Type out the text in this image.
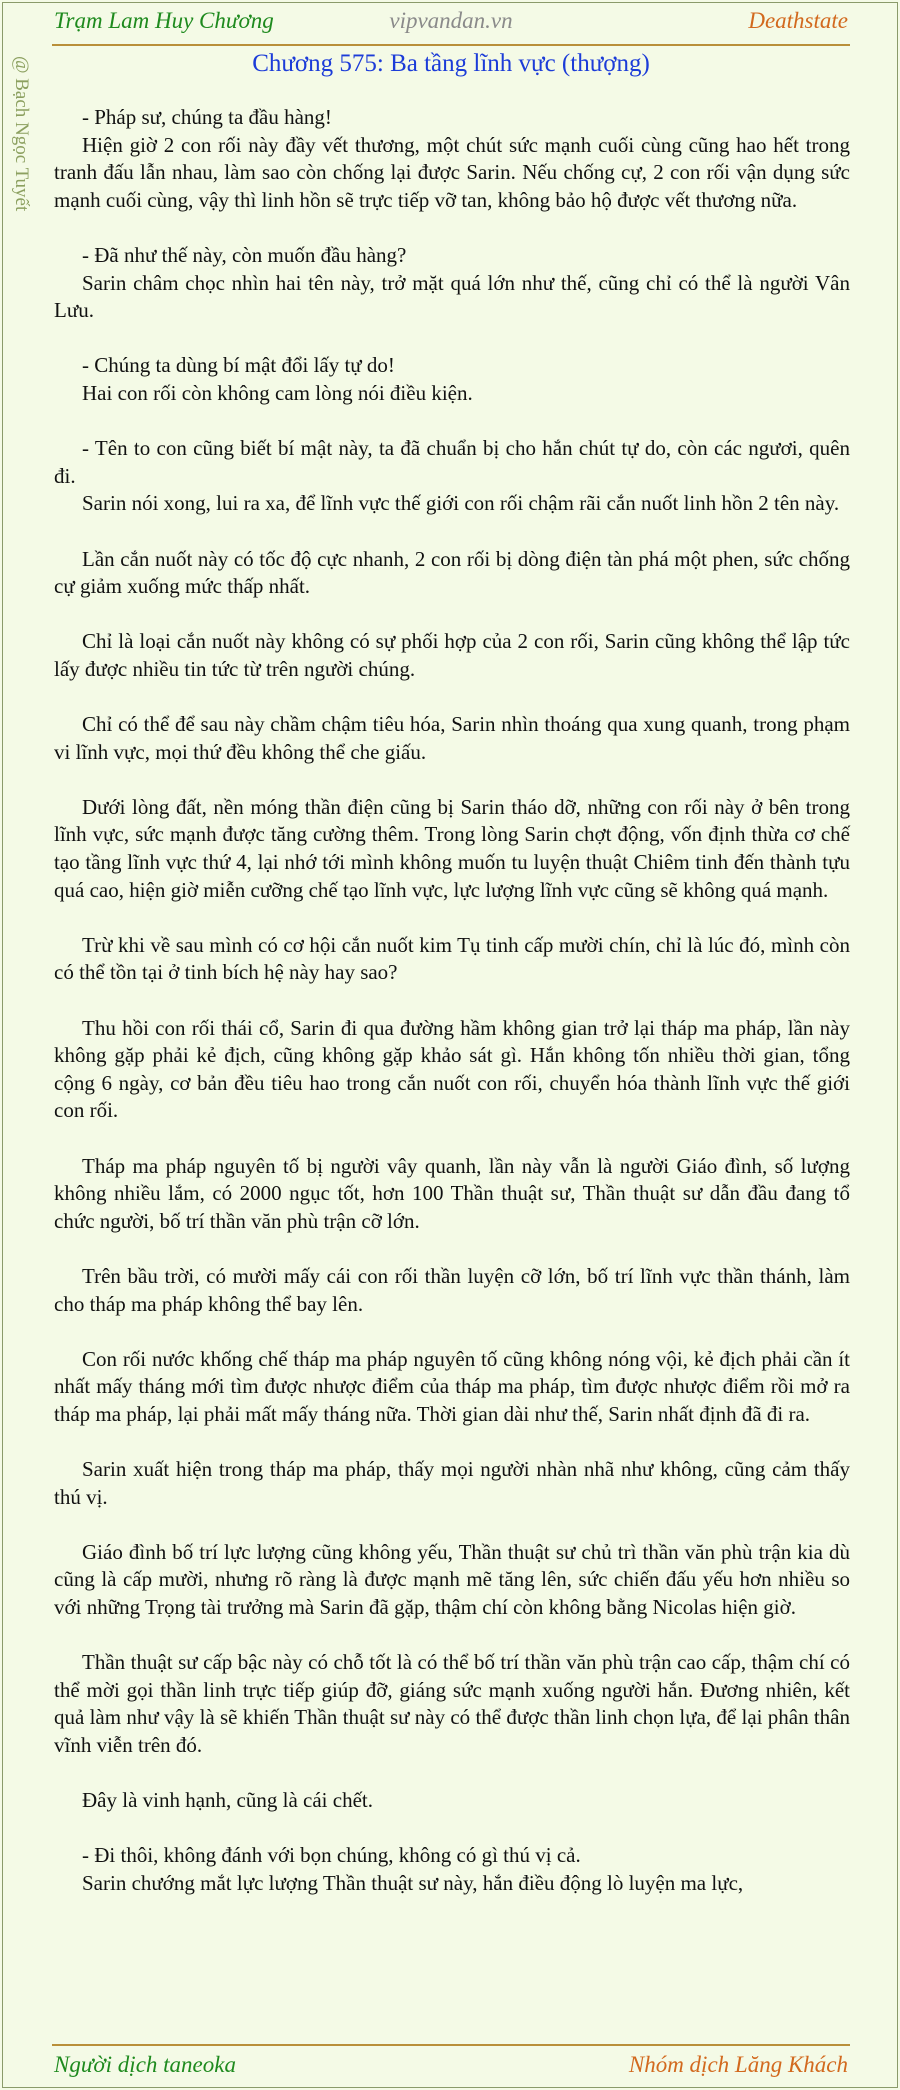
Trạm Lam Huy Chương	vipvandan.vn	Deathstate
@ Bạch Ngọc Tuyết	Chương 575: Ba tầng lĩnh vực (thượng)

- Pháp sư, chúng ta đầu hàng!

Hiện giờ 2 con rối này đầy vết thương, một chút sức mạnh cuối cùng cũng hao hết trong tranh đấu lẫn nhau, làm sao còn chống lại được Sarin. Nếu chống cự, 2 con rối vận dụng sức mạnh cuối cùng, vậy thì linh hồn sẽ trực tiếp vỡ tan, không bảo hộ được vết thương nữa.

- Đã như thế này, còn muốn đầu hàng?

Sarin châm chọc nhìn hai tên này, trở mặt quá lớn như thế, cũng chỉ có thể là người Vân Lưu.

- Chúng ta dùng bí mật đổi lấy tự do!

Hai con rối còn không cam lòng nói điều kiện.

- Tên to con cũng biết bí mật này, ta đã chuẩn bị cho hắn chút tự do, còn các ngươi, quên đi.

Sarin nói xong, lui ra xa, để lĩnh vực thế giới con rối chậm rãi cắn nuốt linh hồn 2 tên này.

Lần cắn nuốt này có tốc độ cực nhanh, 2 con rối bị dòng điện tàn phá một phen, sức chống cự giảm xuống mức thấp nhất.

Chỉ là loại cắn nuốt này không có sự phối hợp của 2 con rối, Sarin cũng không thể lập tức lấy được nhiều tin tức từ trên người chúng.

Chỉ có thể để sau này chầm chậm tiêu hóa, Sarin nhìn thoáng qua xung quanh, trong phạm vi lĩnh vực, mọi thứ đều không thể che giấu.

Dưới lòng đất, nền móng thần điện cũng bị Sarin tháo dỡ, những con rối này ở bên trong lĩnh vực, sức mạnh được tăng cường thêm. Trong lòng Sarin chợt động, vốn định thừa cơ chế tạo tầng lĩnh vực thứ 4, lại nhớ tới mình không muốn tu luyện thuật Chiêm tinh đến thành tựu quá cao, hiện giờ miễn cưỡng chế tạo lĩnh vực, lực lượng lĩnh vực cũng sẽ không quá mạnh.

Trừ khi về sau mình có cơ hội cắn nuốt kim Tụ tinh cấp mười chín, chỉ là lúc đó, mình còn có thể tồn tại ở tinh bích hệ này hay sao?

Thu hồi con rối thái cổ, Sarin đi qua đường hầm không gian trở lại tháp ma pháp, lần này không gặp phải kẻ địch, cũng không gặp khảo sát gì. Hắn không tốn nhiều thời gian, tổng cộng 6 ngày, cơ bản đều tiêu hao trong cắn nuốt con rối, chuyển hóa thành lĩnh vực thế giới con rối.

Tháp ma pháp nguyên tố bị người vây quanh, lần này vẫn là người Giáo đình, số lượng không nhiều lắm, có 2000 ngục tốt, hơn 100 Thần thuật sư, Thần thuật sư dẫn đầu đang tổ chức người, bố trí thần văn phù trận cỡ lớn.

Trên bầu trời, có mười mấy cái con rối thần luyện cỡ lớn, bố trí lĩnh vực thần thánh, làm cho tháp ma pháp không thể bay lên.

Con rối nước khống chế tháp ma pháp nguyên tố cũng không nóng vội, kẻ địch phải cần ít nhất mấy tháng mới tìm được nhược điểm của tháp ma pháp, tìm được nhược điểm rồi mở ra tháp ma pháp, lại phải mất mấy tháng nữa. Thời gian dài như thế, Sarin nhất định đã đi ra.

Sarin xuất hiện trong tháp ma pháp, thấy mọi người nhàn nhã như không, cũng cảm thấy thú vị.

Giáo đình bố trí lực lượng cũng không yếu, Thần thuật sư chủ trì thần văn phù trận kia dù cũng là cấp mười, nhưng rõ ràng là được mạnh mẽ tăng lên, sức chiến đấu yếu hơn nhiều so với những Trọng tài trưởng mà Sarin đã gặp, thậm chí còn không bằng Nicolas hiện giờ.

Thần thuật sư cấp bậc này có chỗ tốt là có thể bố trí thần văn phù trận cao cấp, thậm chí có thể mời gọi thần linh trực tiếp giúp đỡ, giáng sức mạnh xuống người hắn. Đương nhiên, kết quả làm như vậy là sẽ khiến Thần thuật sư này có thể được thần linh chọn lựa, để lại phân thân vĩnh viễn trên đó.

Đây là vinh hạnh, cũng là cái chết.

- Đi thôi, không đánh với bọn chúng, không có gì thú vị cả.

Sarin chướng mắt lực lượng Thần thuật sư này, hắn điều động lò luyện ma lực,

Người dịch taneoka	Nhóm dịch Lăng Khách
